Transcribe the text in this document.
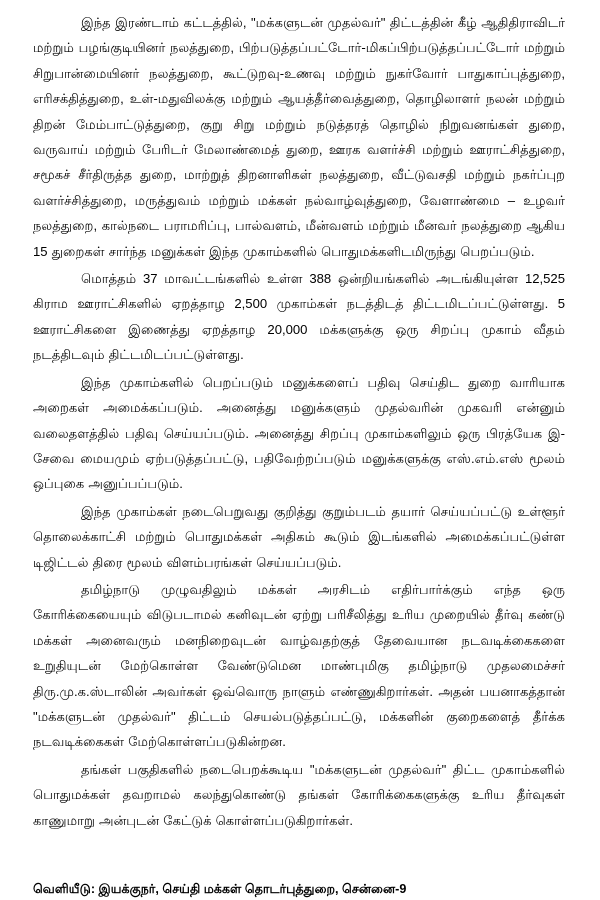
இந்த இரண்டாம் கட்டத்தில், "மக்களுடன் முதல்வர்" திட்டத்தின் கீழ் ஆதிதிராவிடர் மற்றும் பழங்குடியினர் நலத்துறை, பிற்படுத்தப்பட்டோர்-மிகப்பிற்படுத்தப்பட்டோர் மற்றும் சிறுபான்மையினர் நலத்துறை, கூட்டுறவு-உணவு மற்றும் நுகர்வோர் பாதுகாப்புத்துறை, எரிசக்தித்துறை, உள்-மதுவிலக்கு மற்றும் ஆயத்தீர்வைத்துறை, தொழிலாளர் நலன் மற்றும் திறன் மேம்பாட்டுத்துறை, குறு சிறு மற்றும் நடுத்தரத் தொழில் நிறுவனங்கள் துறை, வருவாய் மற்றும் பேரிடர் மேலாண்மைத் துறை, ஊரக வளர்ச்சி மற்றும் ஊராட்சித்துறை, சமூகச் சீர்திருத்த துறை, மாற்றுத் திறனாளிகள் நலத்துறை, வீட்டுவசதி மற்றும் நகர்ப்புற வளர்ச்சித்துறை, மருத்துவம் மற்றும் மக்கள் நல்வாழ்வுத்துறை, வேளாண்மை – உழவர் நலத்துறை, கால்நடை பராமரிப்பு, பால்வளம், மீன்வளம் மற்றும் மீனவர் நலத்துறை ஆகிய 15 துறைகள் சார்ந்த மனுக்கள் இந்த முகாம்களில் பொதுமக்களிடமிருந்து பெறப்படும்.

மொத்தம் 37 மாவட்டங்களில் உள்ள 388 ஒன்றியங்களில் அடங்கியுள்ள 12,525 கிராம ஊராட்சிகளில் ஏறத்தாழ 2,500 முகாம்கள் நடத்திடத் திட்டமிடப்பட்டுள்ளது. 5 ஊராட்சிகளை இணைத்து ஏறத்தாழ 20,000 மக்களுக்கு ஒரு சிறப்பு முகாம் வீதம் நடத்திடவும் திட்டமிடப்பட்டுள்ளது.

இந்த முகாம்களில் பெறப்படும் மனுக்களைப் பதிவு செய்திட துறை வாரியாக அறைகள் அமைக்கப்படும். அனைத்து மனுக்களும் முதல்வரின் முகவரி என்னும் வலைதளத்தில் பதிவு செய்யப்படும். அனைத்து சிறப்பு முகாம்களிலும் ஒரு பிரத்யேக இ-சேவை மையமும் ஏற்படுத்தப்பட்டு, பதிவேற்றப்படும் மனுக்களுக்கு எஸ்.எம்.எஸ் மூலம் ஒப்புகை அனுப்பப்படும்.

இந்த முகாம்கள் நடைபெறுவது குறித்து குறும்படம் தயார் செய்யப்பட்டு உள்ளூர் தொலைக்காட்சி மற்றும் பொதுமக்கள் அதிகம் கூடும் இடங்களில் அமைக்கப்பட்டுள்ள டிஜிட்டல் திரை மூலம் விளம்பரங்கள் செய்யப்படும்.

தமிழ்நாடு முழுவதிலும் மக்கள் அரசிடம் எதிர்பார்க்கும் எந்த ஒரு கோரிக்கையையும் விடுபடாமல் கனிவுடன் ஏற்று பரிசீலித்து உரிய முறையில் தீர்வு கண்டு மக்கள் அனைவரும் மனநிறைவுடன் வாழ்வதற்குத் தேவையான நடவடிக்கைகளை உறுதியுடன் மேற்கொள்ள வேண்டுமென மாண்புமிகு தமிழ்நாடு முதலமைச்சர் திரு.மு.க.ஸ்டாலின் அவர்கள் ஒவ்வொரு நாளும் எண்ணுகிறார்கள். அதன் பயனாகத்தான் "மக்களுடன் முதல்வர்" திட்டம் செயல்படுத்தப்பட்டு, மக்களின் குறைகளைத் தீர்க்க நடவடிக்கைகள் மேற்கொள்ளப்படுகின்றன.

தங்கள் பகுதிகளில் நடைபெறக்கூடிய "மக்களுடன் முதல்வர்" திட்ட முகாம்களில் பொதுமக்கள் தவறாமல் கலந்துகொண்டு தங்கள் கோரிக்கைகளுக்கு உரிய தீர்வுகள் காணுமாறு அன்புடன் கேட்டுக் கொள்ளப்படுகிறார்கள்.

வெளியீடு: இயக்குநர், செய்தி மக்கள் தொடர்புத்துறை, சென்னை-9
